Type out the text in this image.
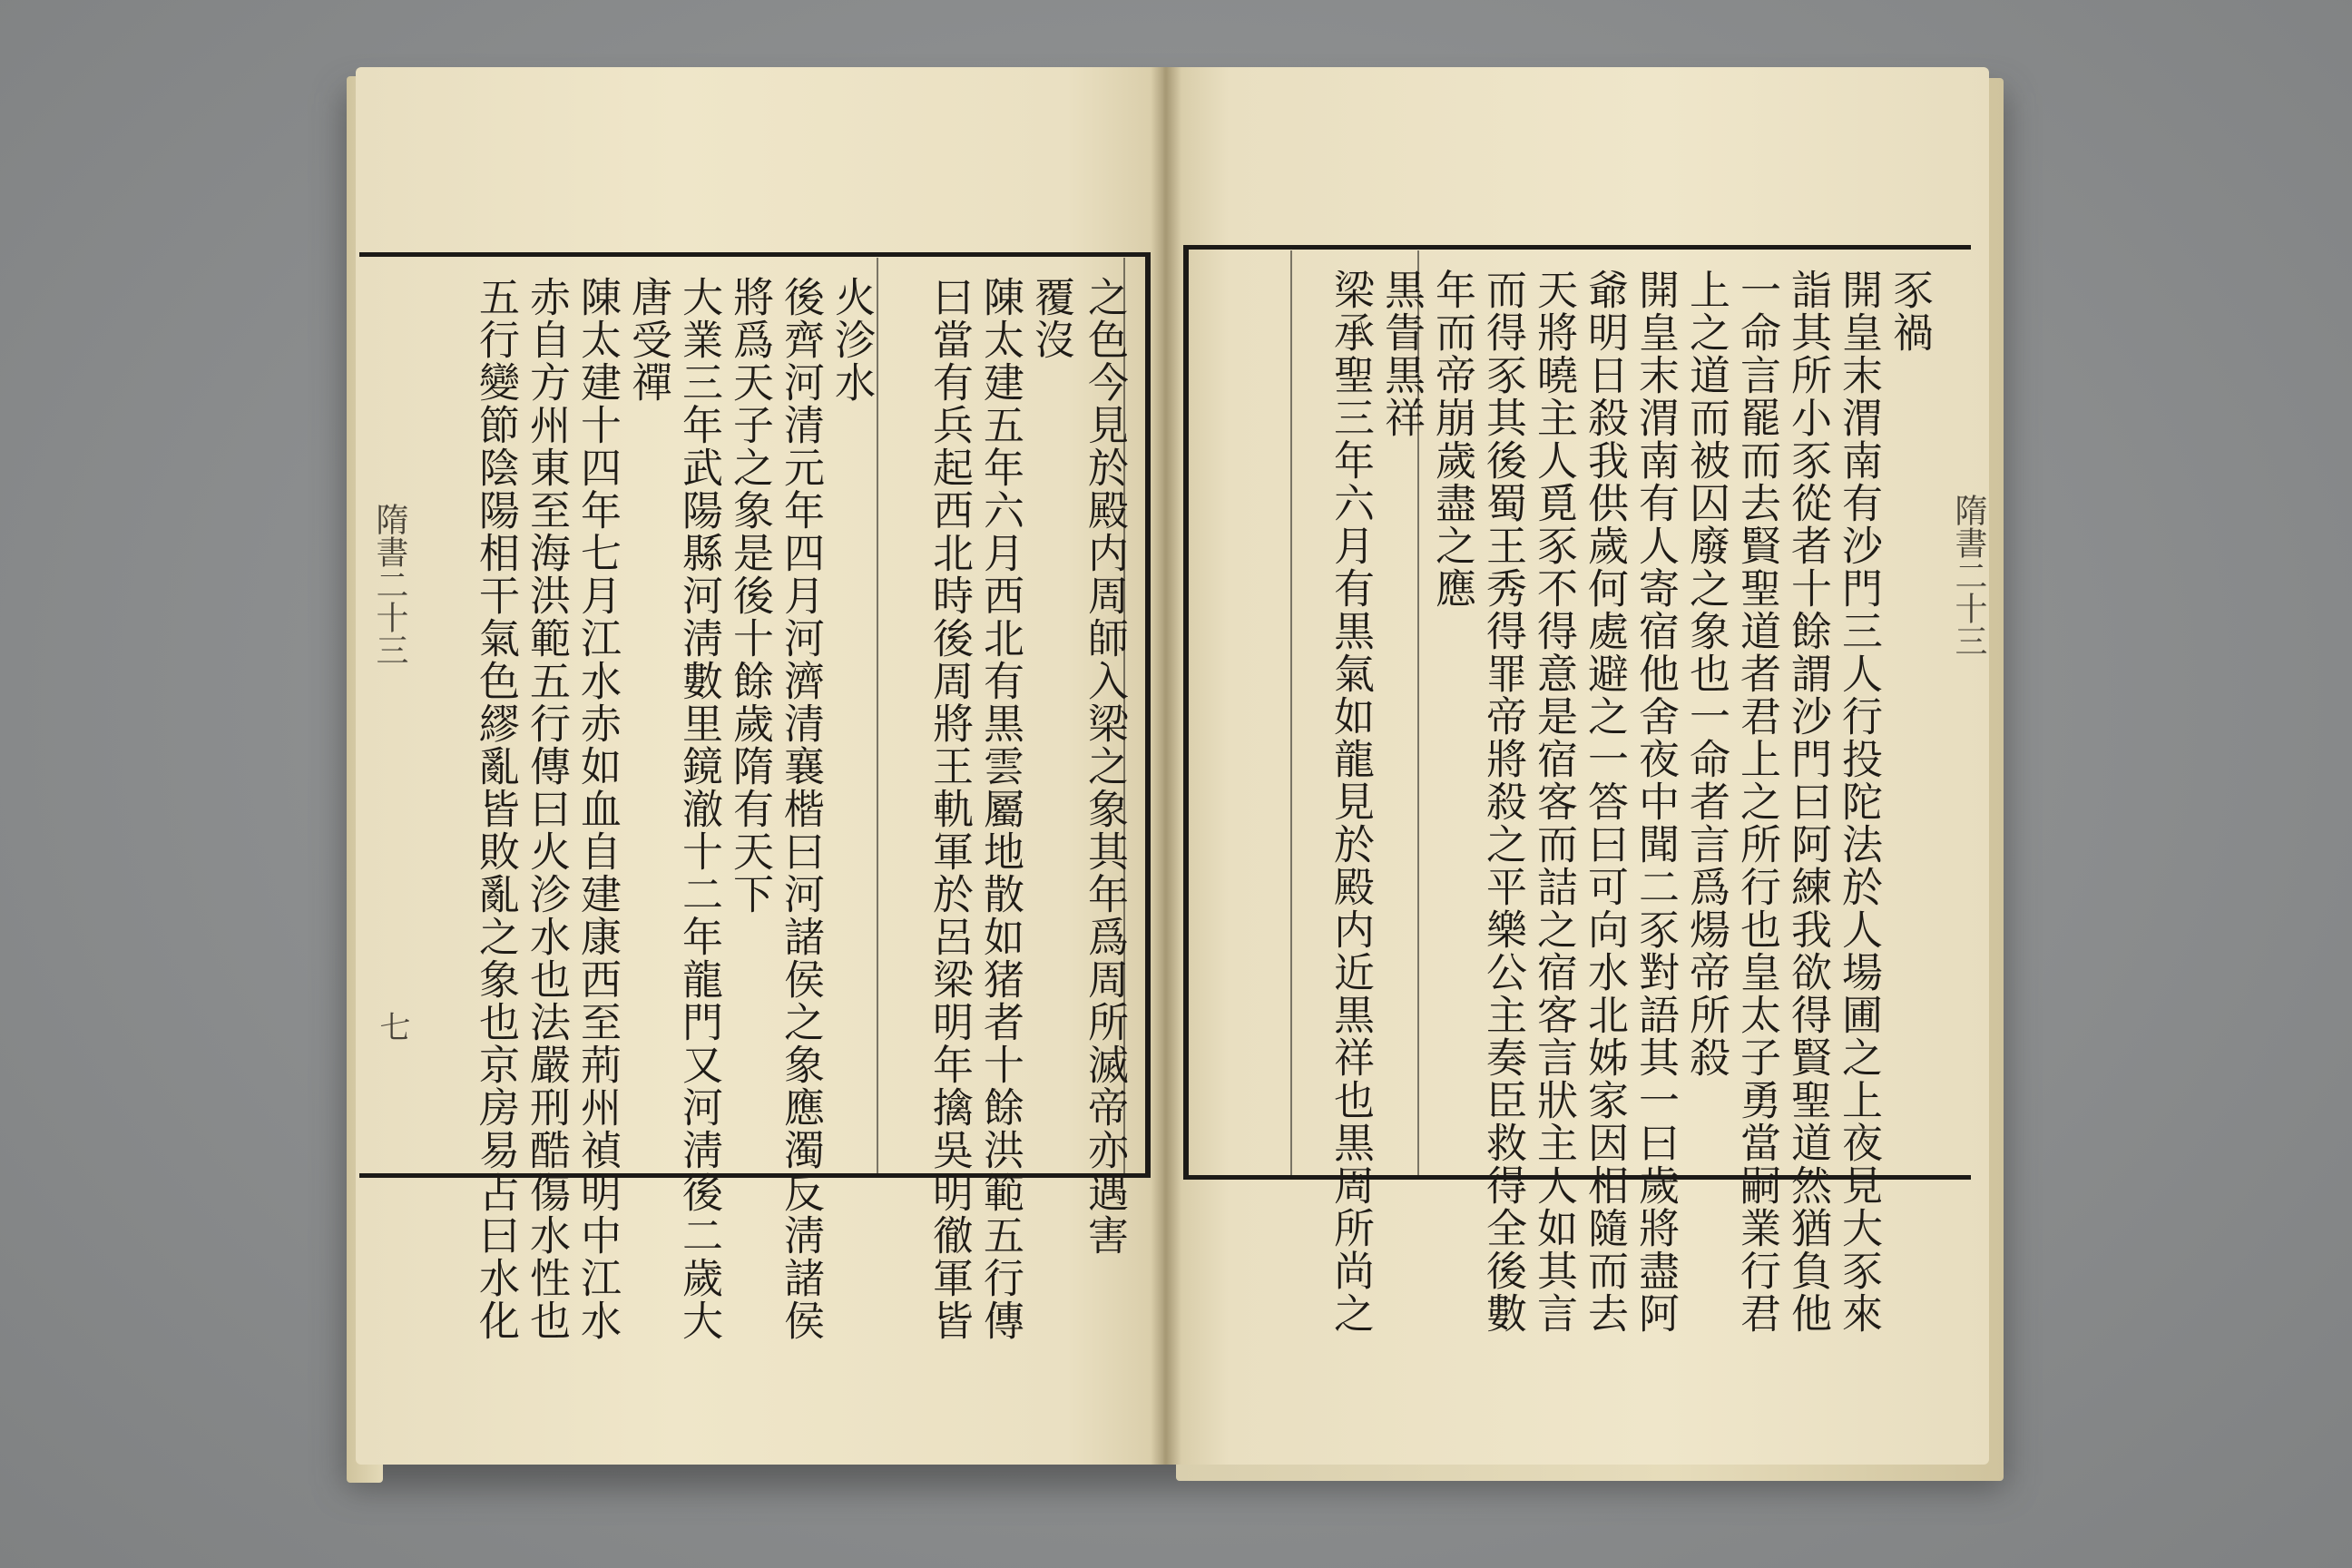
之色今見於殿内周師入梁之象其年爲周所滅帝亦遇害
覆沒
陳太建五年六月西北有黒雲屬地散如猪者十餘洪範五行傳
曰當有兵起西北時後周將王軌軍於呂梁明年擒吳明徹軍皆
火沴水
後齊河清元年四月河濟清襄楷曰河諸侯之象應濁反淸諸侯
將爲天子之象是後十餘歲隋有天下
大業三年武陽縣河淸數里鏡澈十二年龍門又河淸後二歲大
唐受禪
陳太建十四年七月江水赤如血自建康西至荊州禎明中江水
赤自方州東至海洪範五行傳曰火沴水也法嚴刑酷傷水性也
五行變節陰陽相干氣色繆亂皆敗亂之象也京房易占曰水化
隋書二十三
七
豕禍
開皇末渭南有沙門三人行投陀法於人場圃之上夜見大豕來
詣其所小豕從者十餘謂沙門曰阿練我欲得賢聖道然猶負他
一命言罷而去賢聖道者君上之所行也皇太子勇當嗣業行君
上之道而被囚廢之象也一命者言爲煬帝所殺
開皇末渭南有人寄宿他舍夜中聞二豕對語其一曰歲將盡阿
爺明日殺我供歲何處避之一答曰可向水北姊家因相隨而去
天將曉主人覓豕不得意是宿客而詰之宿客言狀主人如其言
而得豕其後蜀王秀得罪帝將殺之平樂公主奏臣救得全後數
年而帝崩歲盡之應
黒眚黒祥
梁承聖三年六月有黒氣如龍見於殿内近黒祥也黒周所尚之	隋書二十三
